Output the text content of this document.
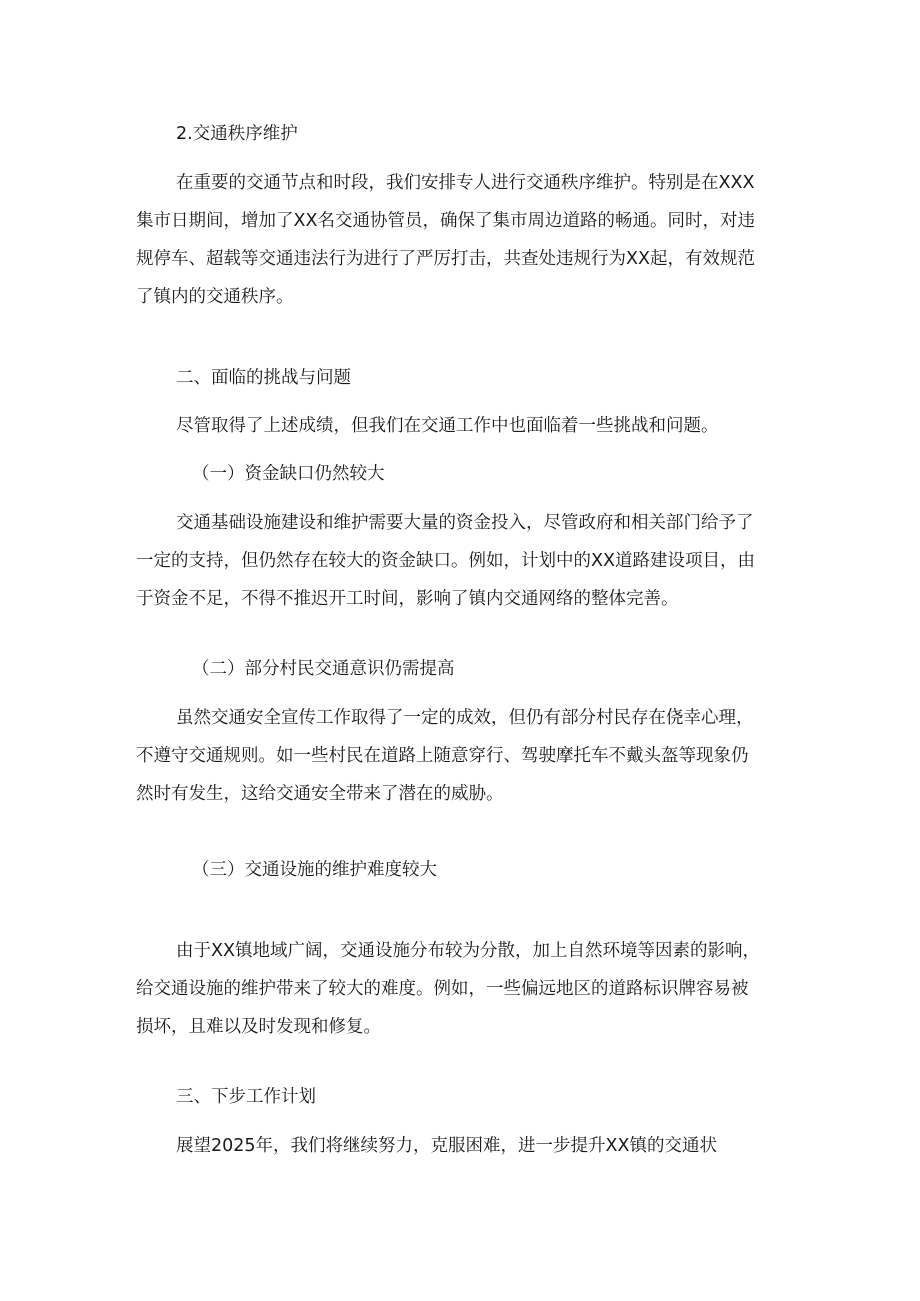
2.交通秩序维护
在重要的交通节点和时段，我们安排专人进行交通秩序维护。特别是在XXX
集市日期间，增加了XX名交通协管员，确保了集市周边道路的畅通。同时，对违
规停车、超载等交通违法行为进行了严厉打击，共查处违规行为XX起，有效规范
了镇内的交通秩序。
二、面临的挑战与问题
尽管取得了上述成绩，但我们在交通工作中也面临着一些挑战和问题。
（一）资金缺口仍然较大
交通基础设施建设和维护需要大量的资金投入，尽管政府和相关部门给予了
一定的支持，但仍然存在较大的资金缺口。例如，计划中的XX道路建设项目，由
于资金不足，不得不推迟开工时间，影响了镇内交通网络的整体完善。
（二）部分村民交通意识仍需提高
虽然交通安全宣传工作取得了一定的成效，但仍有部分村民存在侥幸心理，
不遵守交通规则。如一些村民在道路上随意穿行、驾驶摩托车不戴头盔等现象仍
然时有发生，这给交通安全带来了潜在的威胁。
（三）交通设施的维护难度较大
由于XX镇地域广阔，交通设施分布较为分散，加上自然环境等因素的影响，
给交通设施的维护带来了较大的难度。例如，一些偏远地区的道路标识牌容易被
损坏，且难以及时发现和修复。
三、下步工作计划
展望2025年，我们将继续努力，克服困难，进一步提升XX镇的交通状
